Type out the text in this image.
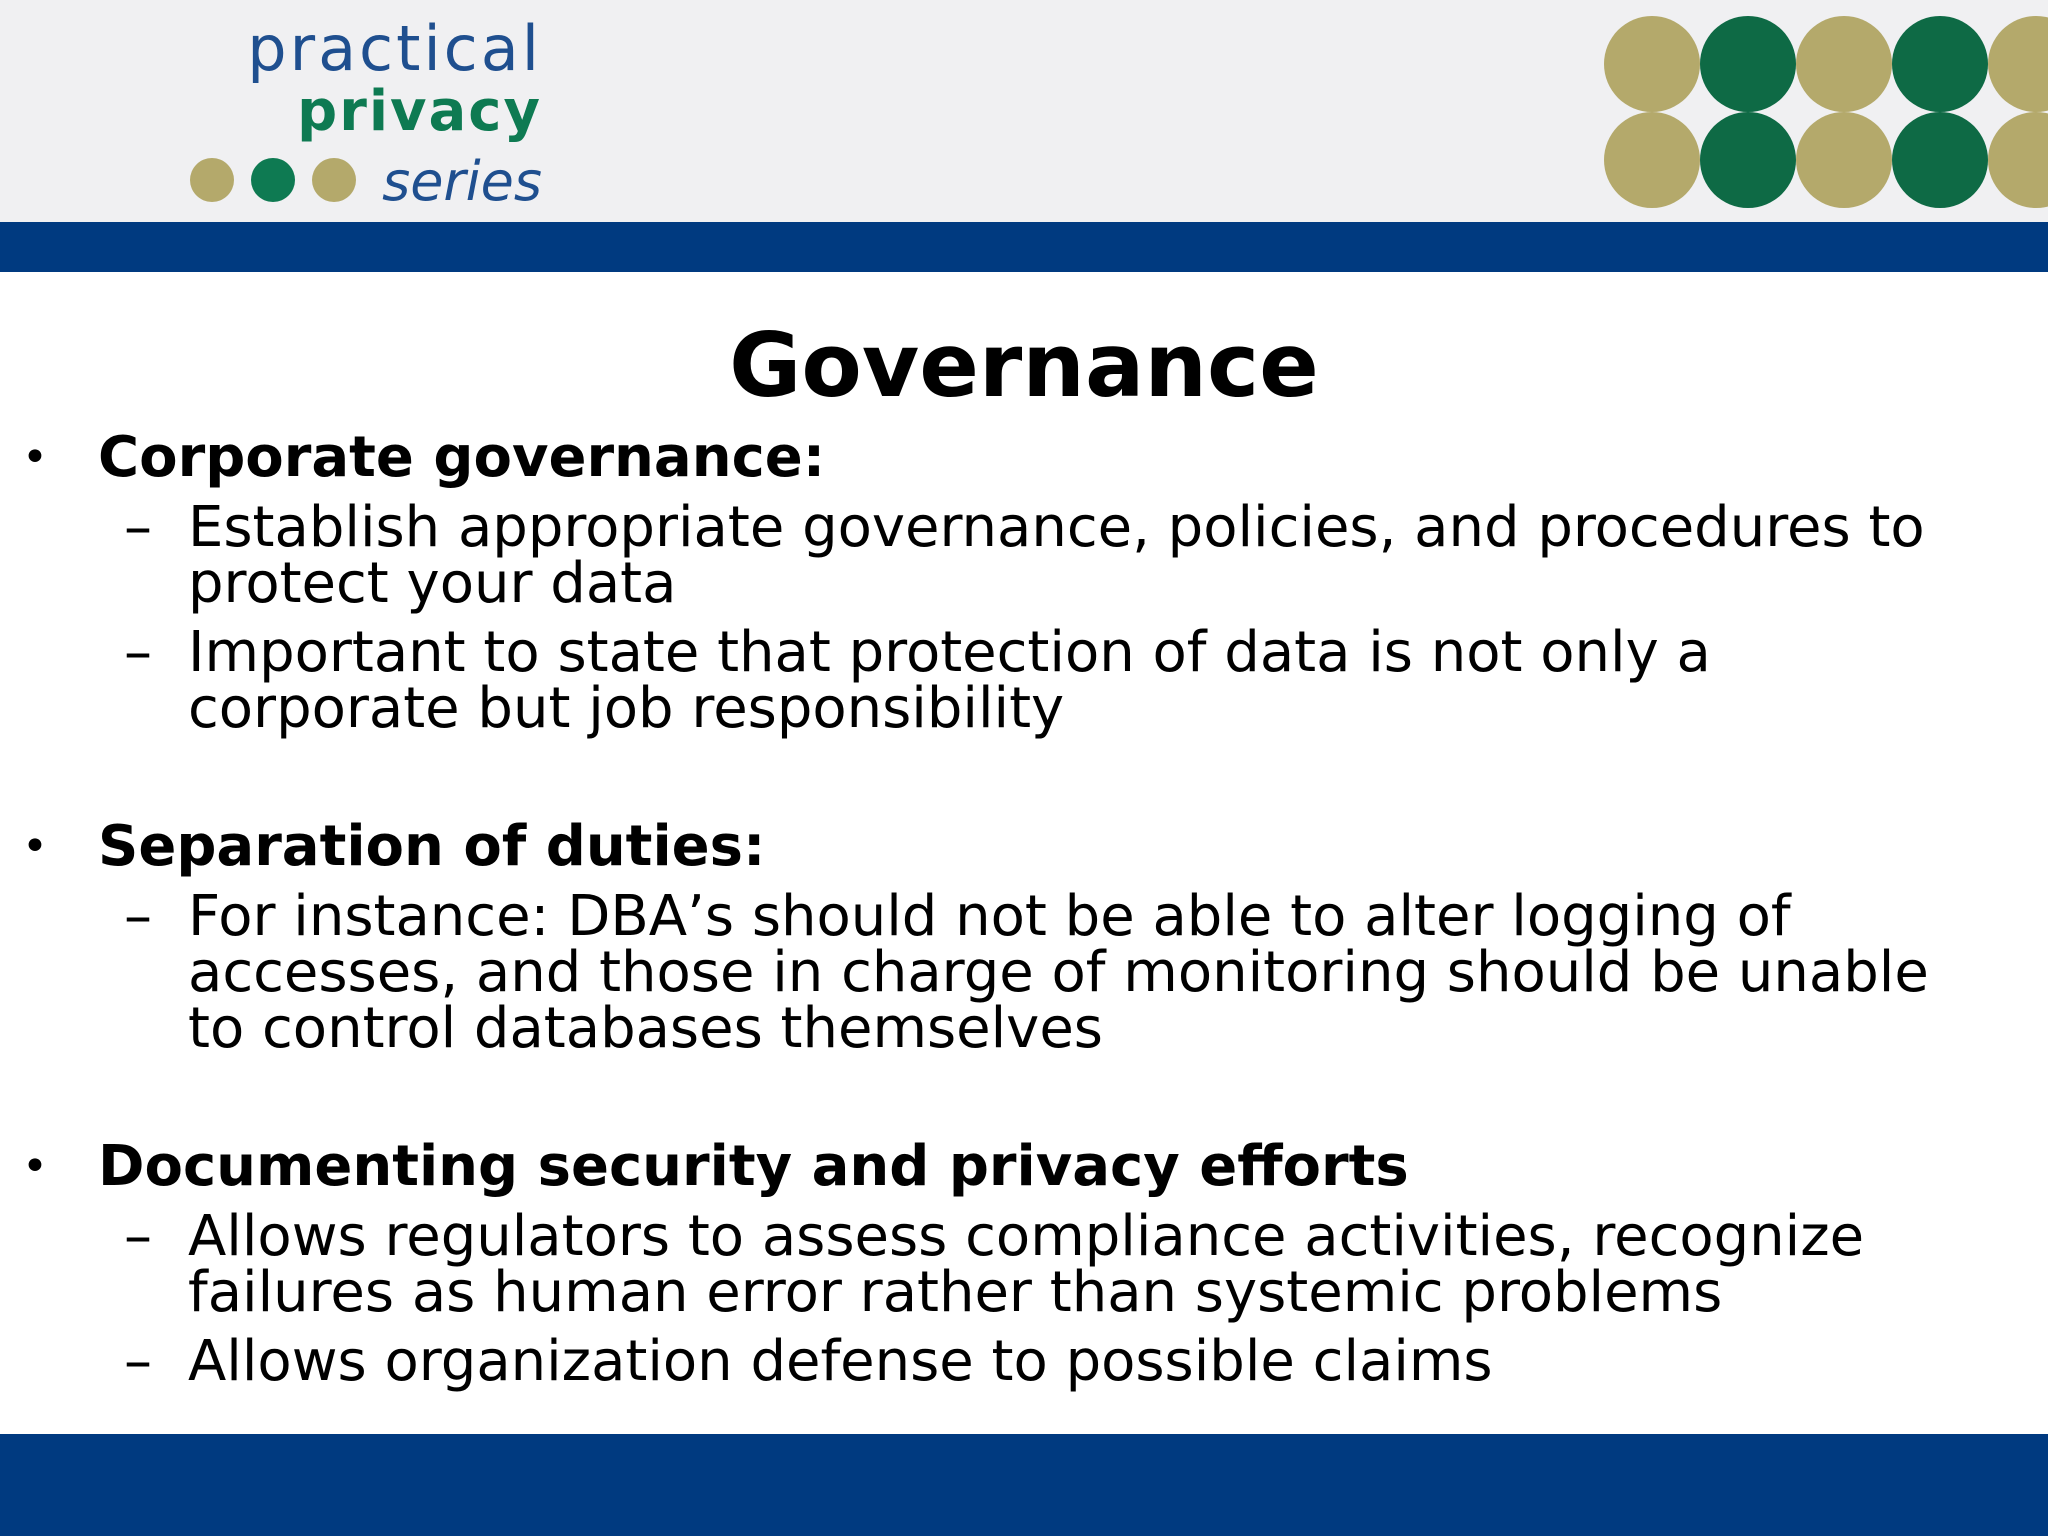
practical
privacy
series
Governance
• Corporate governance:
– Establish appropriate governance, policies, and procedures to
protect your data
– Important to state that protection of data is not only a
corporate but job responsibility
• Separation of duties:
– For instance: DBA’s should not be able to alter logging of
accesses, and those in charge of monitoring should be unable
to control databases themselves
• Documenting security and privacy efforts
– Allows regulators to assess compliance activities, recognize
failures as human error rather than systemic problems
– Allows organization defense to possible claims
